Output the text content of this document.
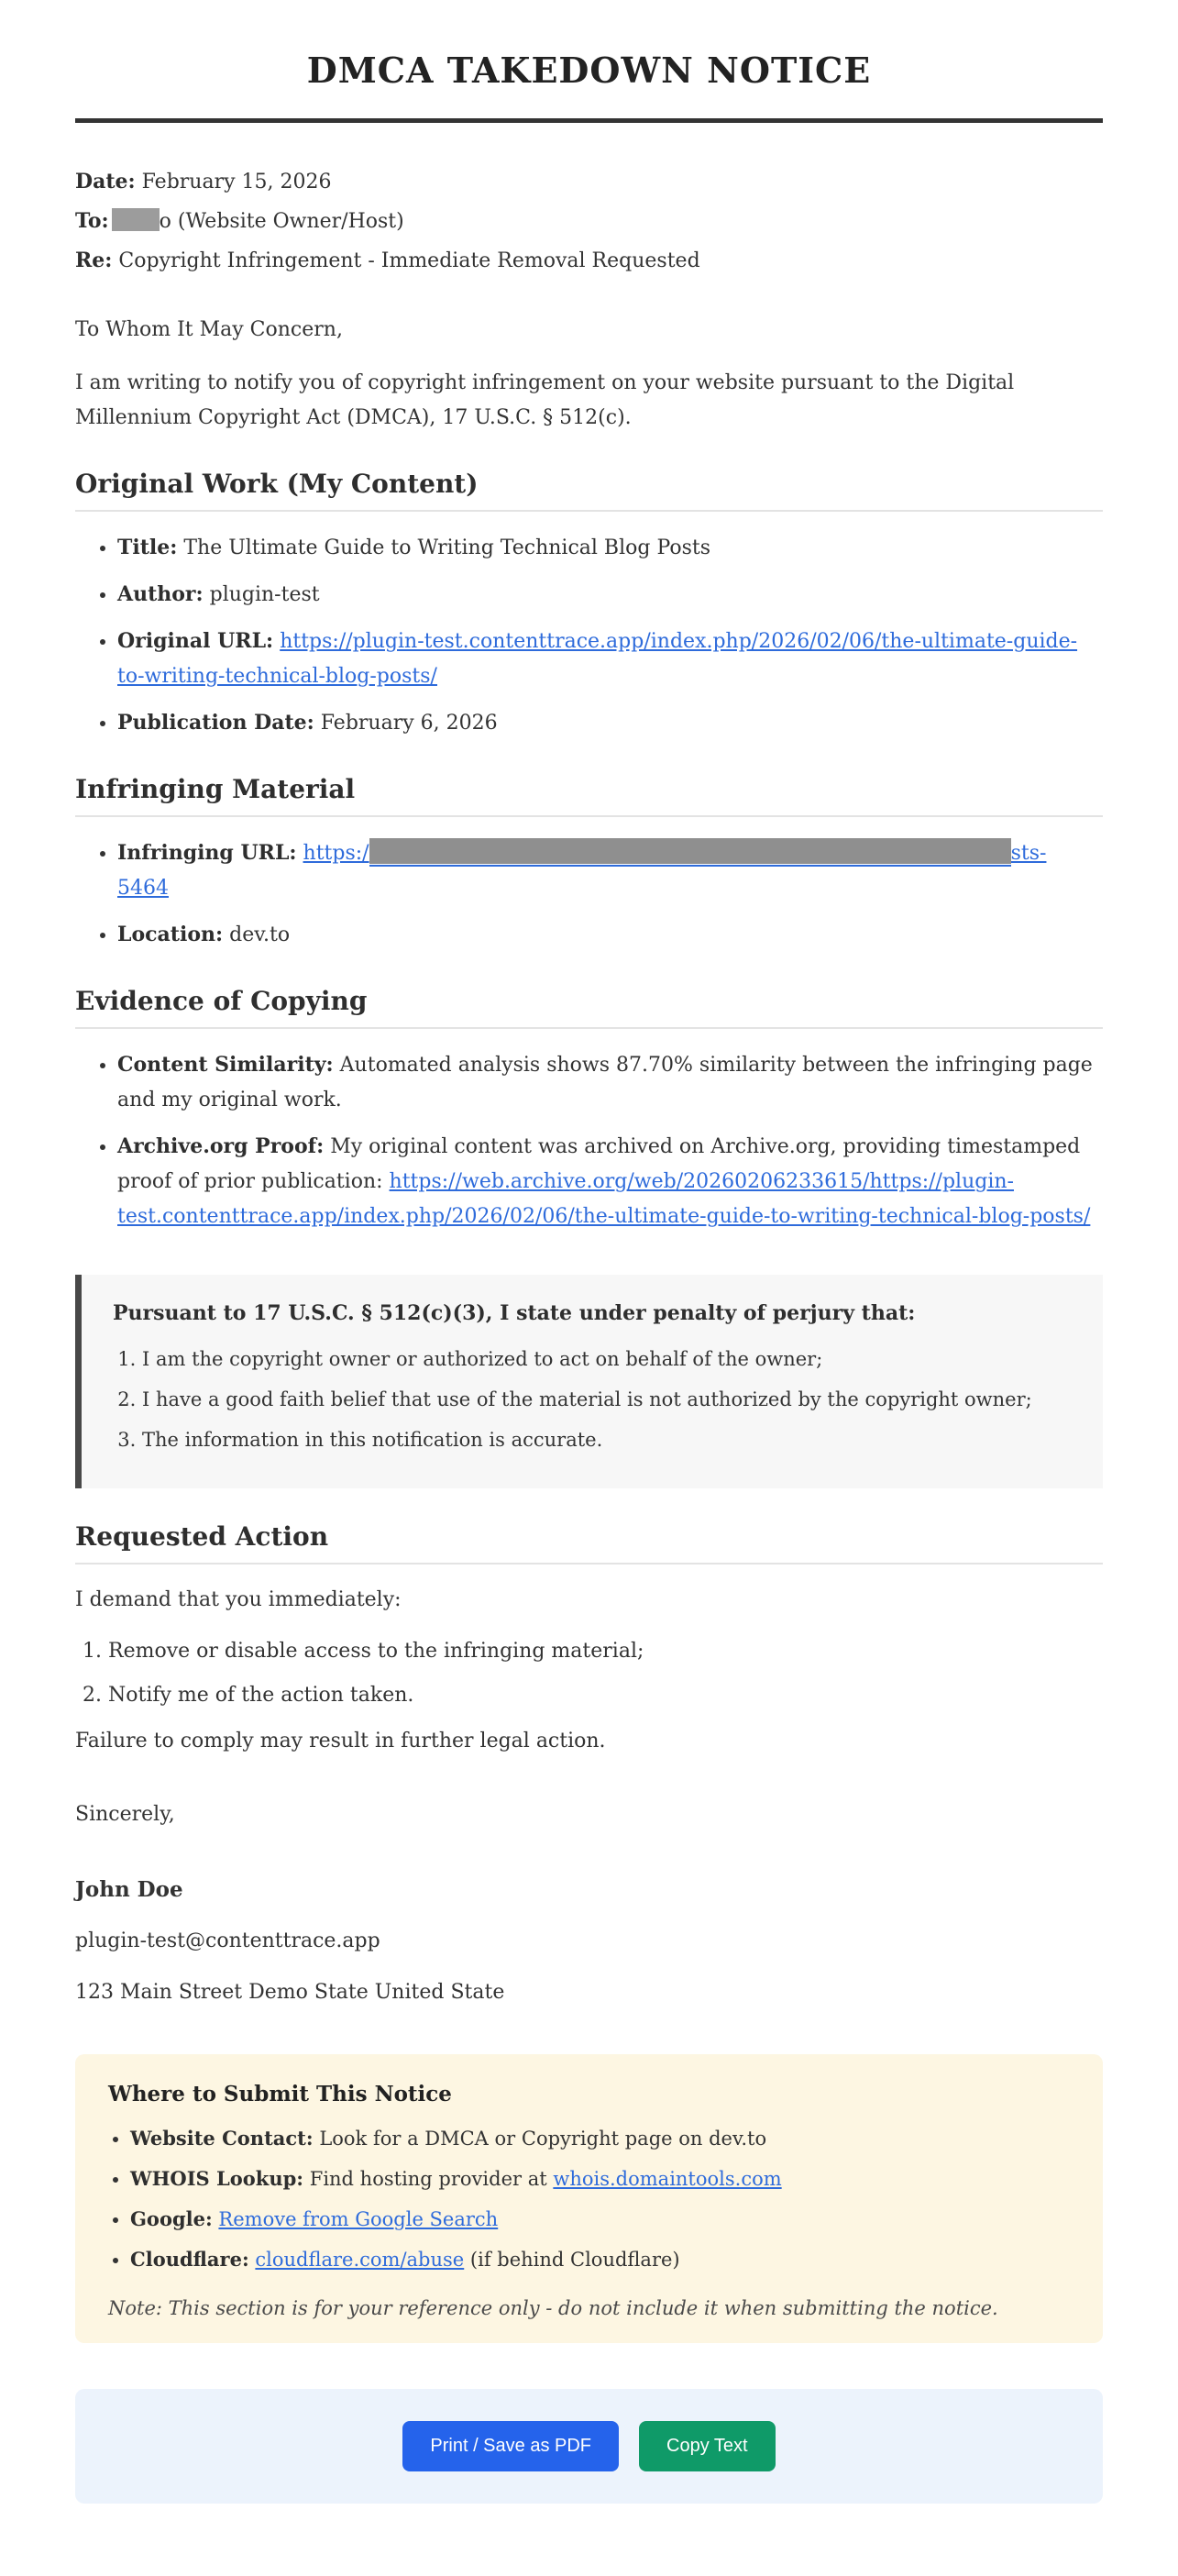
DMCA TAKEDOWN NOTICE

Date: February 15, 2026

To:	o (Website Owner/Host)

Re: Copyright Infringement - Immediate Removal Requested

To Whom It May Concern,

I am writing to notify you of copyright infringement on your website pursuant to the Digital Millennium Copyright Act (DMCA), 17 U.S.C. § 512(c).

Original Work (My Content)
• Title: The Ultimate Guide to Writing Technical Blog Posts
• Author: plugin-test
• Original URL: https://plugin-test.contenttrace.app/index.php/2026/02/06/the-ultimate-guide-to-writing-technical-blog-posts/
• Publication Date: February 6, 2026
Infringing Material
• Infringing URL: https:/	sts-
5464
• Location: dev.to
Evidence of Copying
• Content Similarity: Automated analysis shows 87.70% similarity between the infringing page and my original work.
• Archive.org Proof: My original content was archived on Archive.org, providing timestamped proof of prior publication: https://web.archive.org/web/20260206233615/https://plugin-test.contenttrace.app/index.php/2026/02/06/the-ultimate-guide-to-writing-technical-blog-posts/

Pursuant to 17 U.S.C. § 512(c)(3), I state under penalty of perjury that:

1. I am the copyright owner or authorized to act on behalf of the owner;
2. I have a good faith belief that use of the material is not authorized by the copyright owner;
3. The information in this notification is accurate.
Requested Action

I demand that you immediately:

1. Remove or disable access to the infringing material;
2. Notify me of the action taken.

Failure to comply may result in further legal action.

Sincerely,

John Doe

plugin-test@contenttrace.app

123 Main Street Demo State United State

Where to Submit This Notice
• Website Contact: Look for a DMCA or Copyright page on dev.to
• WHOIS Lookup: Find hosting provider at whois.domaintools.com
• Google: Remove from Google Search
• Cloudflare: cloudflare.com/abuse (if behind Cloudflare)

Note: This section is for your reference only - do not include it when submitting the notice.

Print / Save as PDF	Copy Text
